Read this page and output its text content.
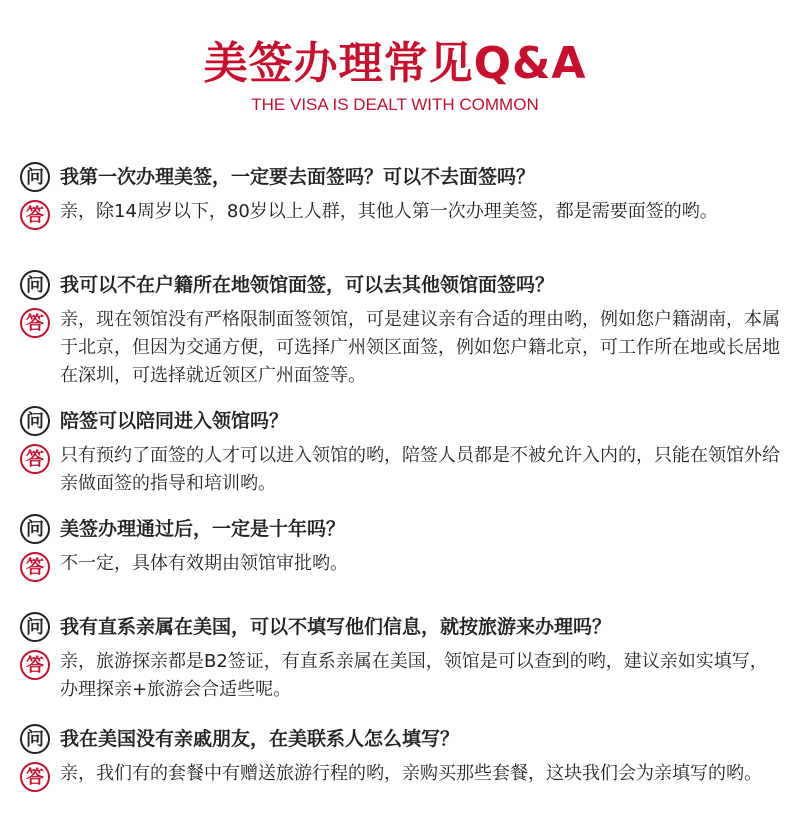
美签办理常见Q&A
THE VISA IS DEALT WITH COMMON
问 我第一次办理美签，一定要去面签吗？可以不去面签吗？
答 亲，除14周岁以下，80岁以上人群，其他人第一次办理美签，都是需要面签的哟。
问 我可以不在户籍所在地领馆面签，可以去其他领馆面签吗？
答 亲，现在领馆没有严格限制面签领馆，可是建议亲有合适的理由哟，例如您户籍湖南，本属于北京，但因为交通方便，可选择广州领区面签，例如您户籍北京，可工作所在地或长居地在深圳，可选择就近领区广州面签等。
问 陪签可以陪同进入领馆吗？
答 只有预约了面签的人才可以进入领馆的哟，陪签人员都是不被允许入内的，只能在领馆外给亲做面签的指导和培训哟。
问 美签办理通过后，一定是十年吗？
答 不一定，具体有效期由领馆审批哟。
问 我有直系亲属在美国，可以不填写他们信息，就按旅游来办理吗？
答 亲，旅游探亲都是B2签证，有直系亲属在美国，领馆是可以查到的哟，建议亲如实填写，办理探亲+旅游会合适些呢。
问 我在美国没有亲戚朋友，在美联系人怎么填写？
答 亲，我们有的套餐中有赠送旅游行程的哟，亲购买那些套餐，这块我们会为亲填写的哟。
